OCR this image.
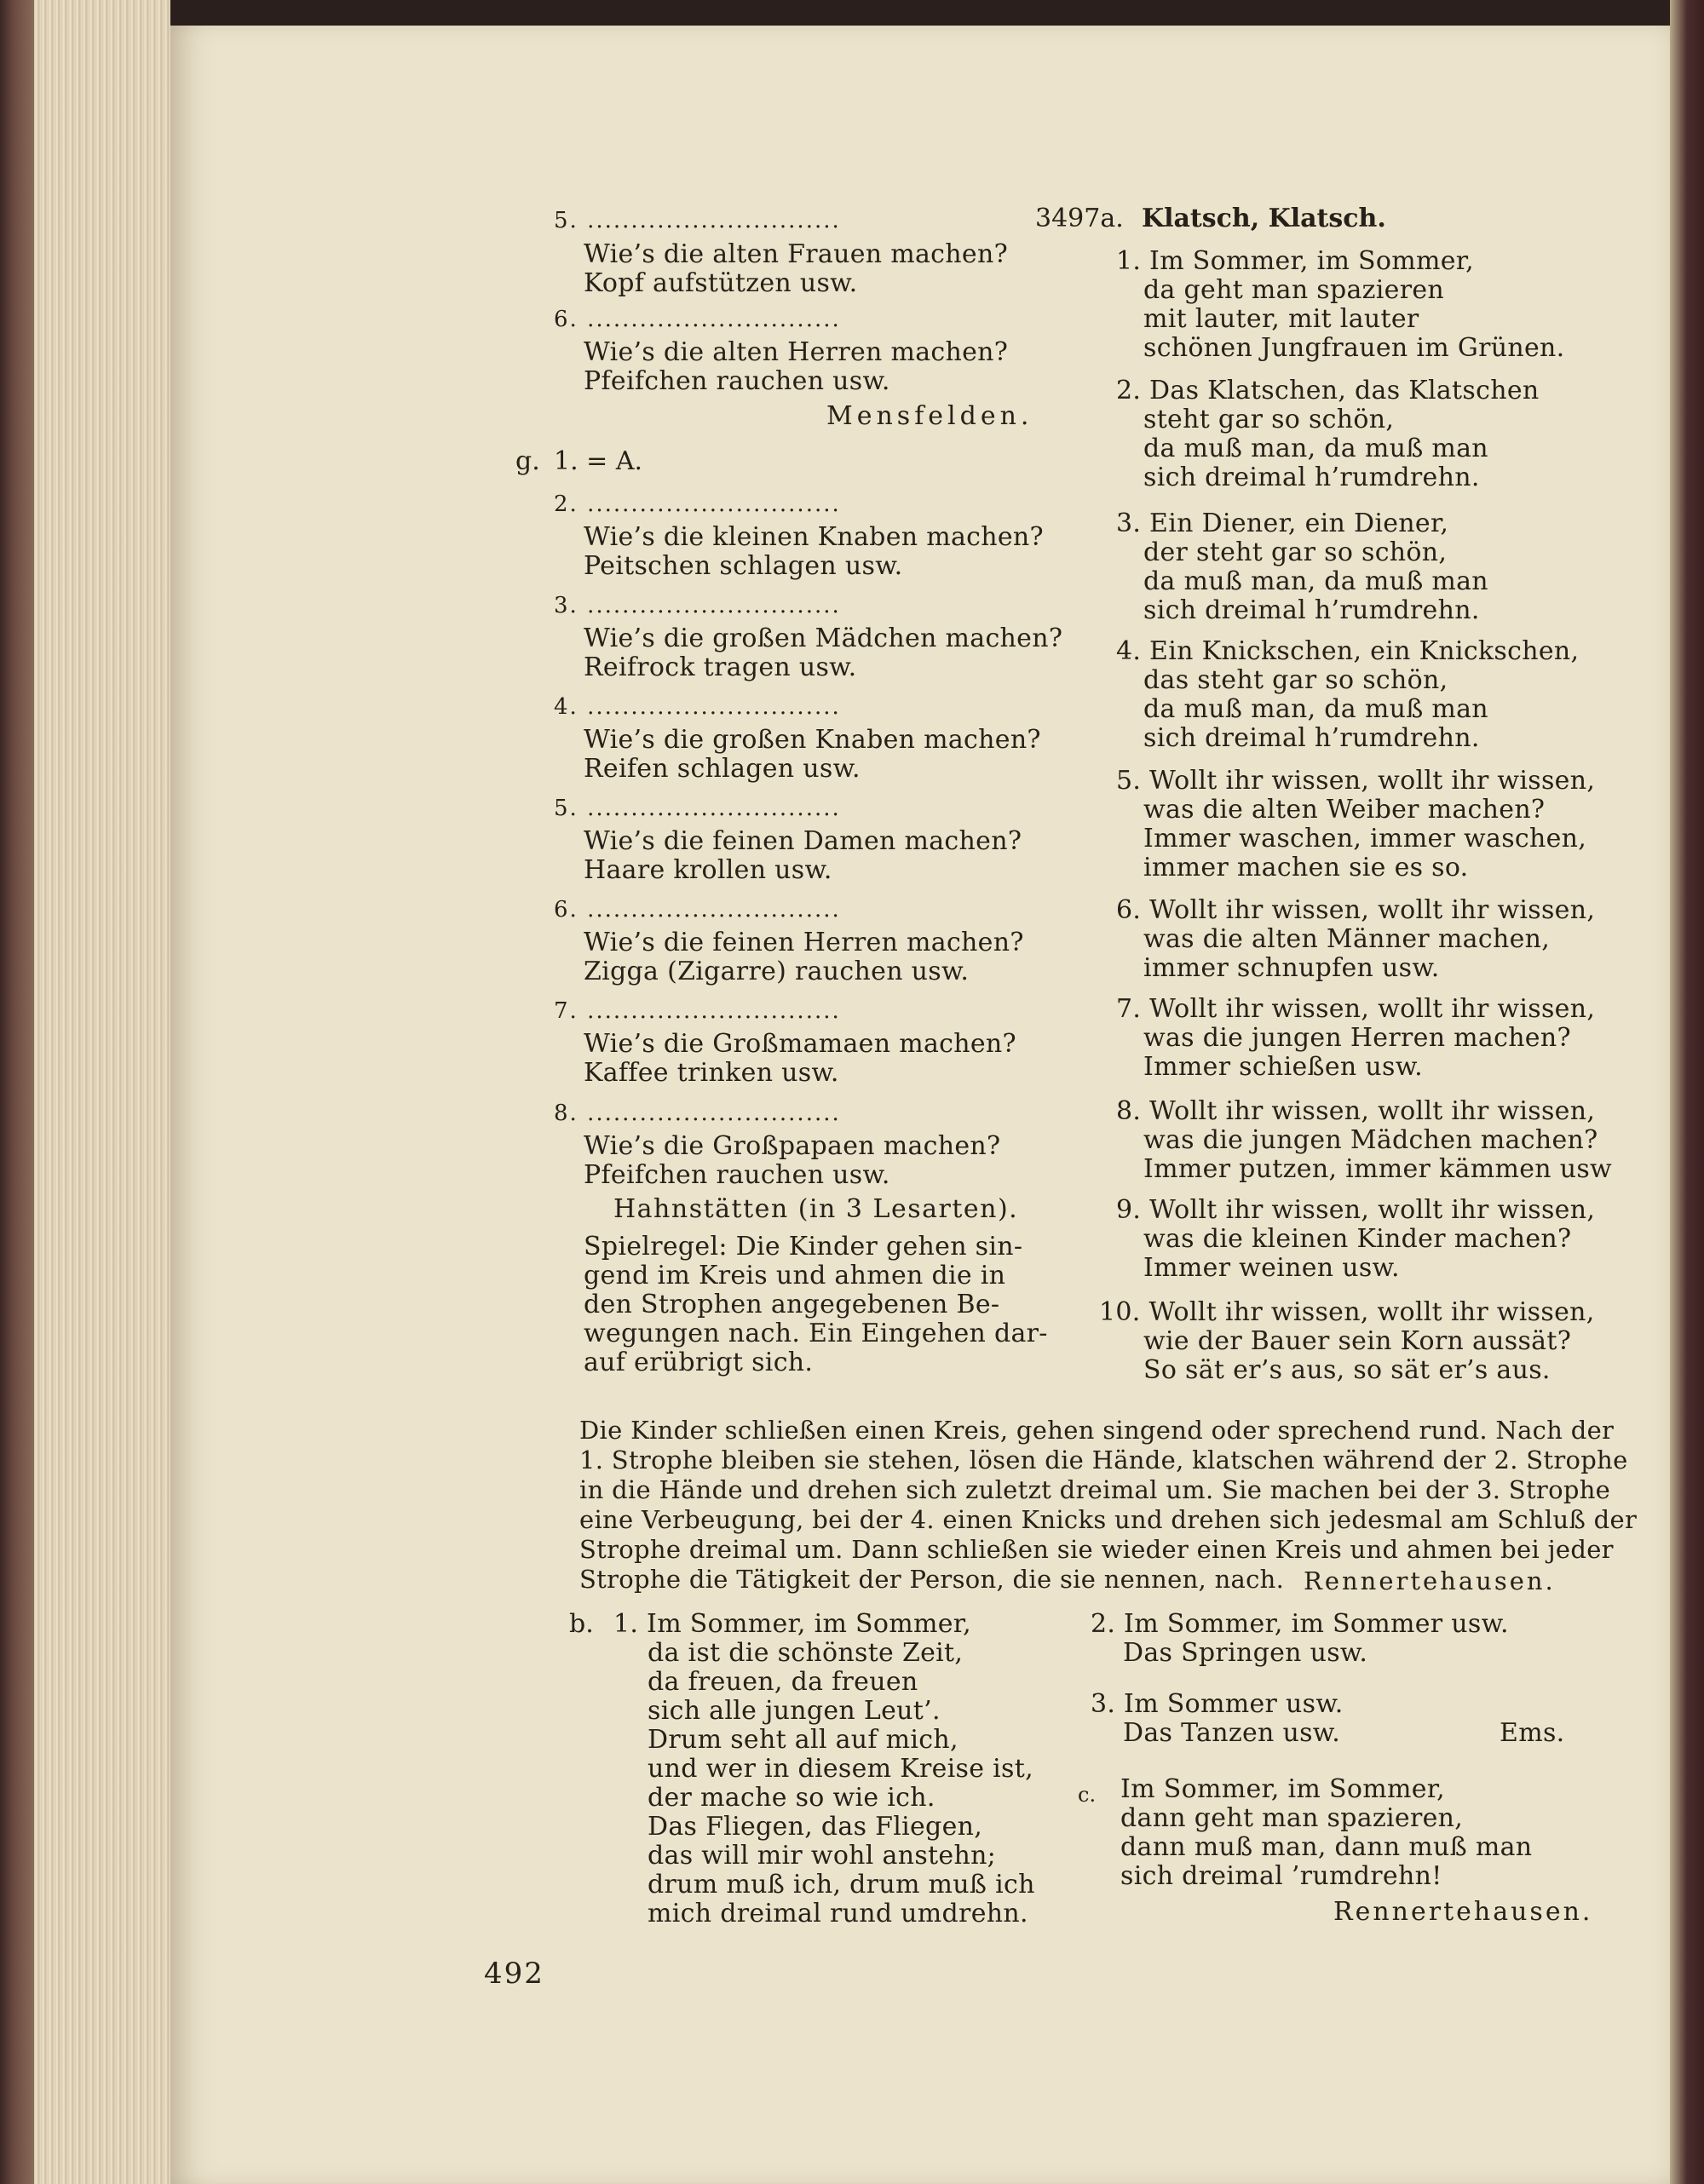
5. .............................
Wie’s die alten Frauen machen?
Kopf aufstützen usw.
6. .............................
Wie’s die alten Herren machen?
Pfeifchen rauchen usw.
Mensfelden.
g. 1. = A.
2. .............................
Wie’s die kleinen Knaben machen?
Peitschen schlagen usw.
3. .............................
Wie’s die großen Mädchen machen?
Reifrock tragen usw.
4. .............................
Wie’s die großen Knaben machen?
Reifen schlagen usw.
5. .............................
Wie’s die feinen Damen machen?
Haare krollen usw.
6. .............................
Wie’s die feinen Herren machen?
Zigga (Zigarre) rauchen usw.
7. .............................
Wie’s die Großmamaen machen?
Kaffee trinken usw.
8. .............................
Wie’s die Großpapaen machen?
Pfeifchen rauchen usw.
Hahnstätten (in 3 Lesarten).
Spielregel: Die Kinder gehen sin-
gend im Kreis und ahmen die in
den Strophen angegebenen Be-
wegungen nach. Ein Eingehen dar-
auf erübrigt sich.
3497a. Klatsch, Klatsch.
1. Im Sommer, im Sommer,
da geht man spazieren
mit lauter, mit lauter
schönen Jungfrauen im Grünen.
2. Das Klatschen, das Klatschen
steht gar so schön,
da muß man, da muß man
sich dreimal h’rumdrehn.
3. Ein Diener, ein Diener,
der steht gar so schön,
da muß man, da muß man
sich dreimal h’rumdrehn.
4. Ein Knickschen, ein Knickschen,
das steht gar so schön,
da muß man, da muß man
sich dreimal h’rumdrehn.
5. Wollt ihr wissen, wollt ihr wissen,
was die alten Weiber machen?
Immer waschen, immer waschen,
immer machen sie es so.
6. Wollt ihr wissen, wollt ihr wissen,
was die alten Männer machen,
immer schnupfen usw.
7. Wollt ihr wissen, wollt ihr wissen,
was die jungen Herren machen?
Immer schießen usw.
8. Wollt ihr wissen, wollt ihr wissen,
was die jungen Mädchen machen?
Immer putzen, immer kämmen usw
9. Wollt ihr wissen, wollt ihr wissen,
was die kleinen Kinder machen?
Immer weinen usw.
10. Wollt ihr wissen, wollt ihr wissen,
wie der Bauer sein Korn aussät?
So sät er’s aus, so sät er’s aus.
Die Kinder schließen einen Kreis, gehen singend oder sprechend rund. Nach der
1. Strophe bleiben sie stehen, lösen die Hände, klatschen während der 2. Strophe
in die Hände und drehen sich zuletzt dreimal um. Sie machen bei der 3. Strophe
eine Verbeugung, bei der 4. einen Knicks und drehen sich jedesmal am Schluß der
Strophe dreimal um. Dann schließen sie wieder einen Kreis und ahmen bei jeder
Strophe die Tätigkeit der Person, die sie nennen, nach. Rennertehausen.
b. 1. Im Sommer, im Sommer,
da ist die schönste Zeit,
da freuen, da freuen
sich alle jungen Leut’.
Drum seht all auf mich,
und wer in diesem Kreise ist,
der mache so wie ich.
Das Fliegen, das Fliegen,
das will mir wohl anstehn;
drum muß ich, drum muß ich
mich dreimal rund umdrehn.
2. Im Sommer, im Sommer usw.
Das Springen usw.
3. Im Sommer usw.
Das Tanzen usw.	Ems.
c. Im Sommer, im Sommer,
dann geht man spazieren,
dann muß man, dann muß man
sich dreimal ’rumdrehn!
Rennertehausen.
492
